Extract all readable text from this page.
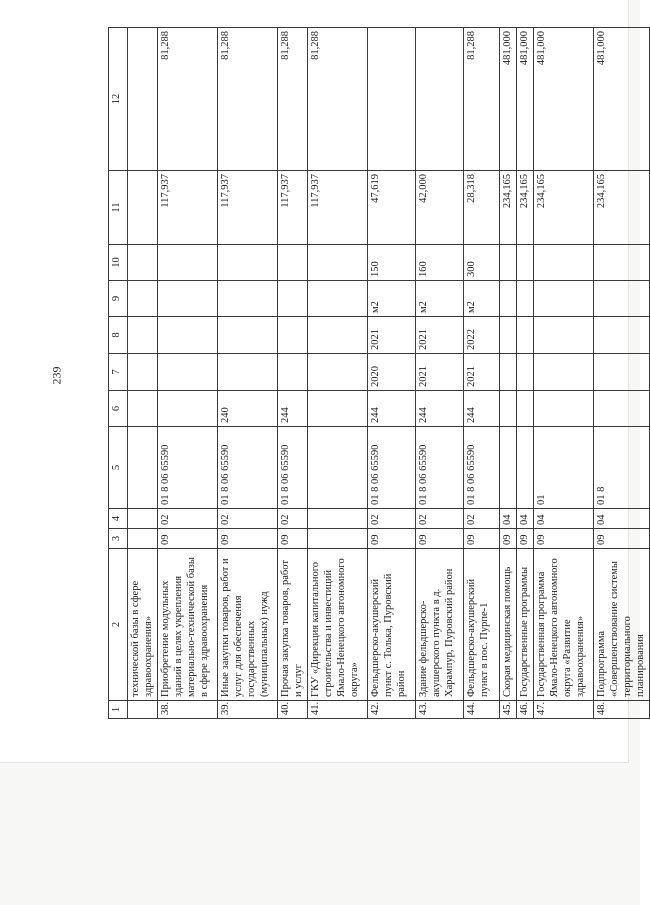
239
1	2	3	4	5	6	7	8	9	10	11	12
	технической базы в сфере здравоохранения»										
38.	Приобретение модульных зданий в целях укрепления материально-технической базы в сфере здравоохранения	09	02	01 8 06 65590						117,937	81,288
39.	Иные закупки товаров, работ и услуг для обеспечения государственных (муниципальных) нужд	09	02	01 8 06 65590	240					117,937	81,288
40.	Прочая закупка товаров, работ и услуг	09	02	01 8 06 65590	244					117,937	81,288
41.	ГКУ «Дирекция капитального строительства и инвестиций Ямало-Ненецкого автономного округа»									117,937	81,288
42.	Фельдшерско-акушерский пункт с. Толька, Пуровский район	09	02	01 8 06 65590	244	2020	2021	м2	150	47,619	
43.	Здание фельдшерско-акушерского пункта в д. Харампур, Пуровский район	09	02	01 8 06 65590	244	2021	2021	м2	160	42,000	
44.	Фельдшерско-акушерский пункт в пос. Пурпе-1	09	02	01 8 06 65590	244	2021	2022	м2	300	28,318	81,288
45.	Скорая медицинская помощь	09	04							234,165	481,000
46.	Государственные программы	09	04							234,165	481,000
47.	Государственная программа Ямало-Ненецкого автономного округа «Развитие здравоохранения»	09	04	01						234,165	481,000
48.	Подпрограмма «Совершенствование системы территориального планирования	09	04	01 8						234,165	481,000
